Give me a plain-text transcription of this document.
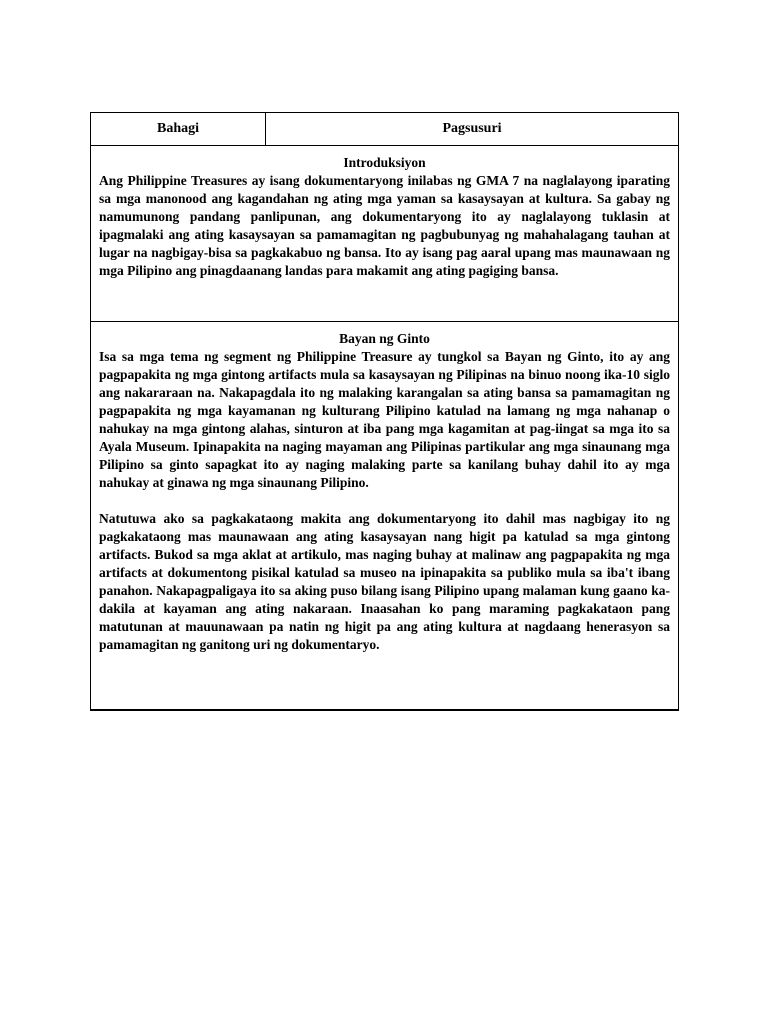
Bahagi	Pagsusuri

Introduksiyon

Ang Philippine Treasures ay isang dokumentaryong inilabas ng GMA 7 na naglalayong iparating sa mga manonood ang kagandahan ng ating mga yaman sa kasaysayan at kultura. Sa gabay ng namumunong pandang panlipunan, ang dokumentaryong ito ay naglalayong tuklasin at ipagmalaki ang ating kasaysayan sa pamamagitan ng pagbubunyag ng mahahalagang tauhan at lugar na nagbigay-bisa sa pagkakabuo ng bansa. Ito ay isang pag aaral upang mas maunawaan ng mga Pilipino ang pinagdaanang landas para makamit ang ating pagiging bansa.

Bayan ng Ginto

Isa sa mga tema ng segment ng Philippine Treasure ay tungkol sa Bayan ng Ginto, ito ay ang pagpapakita ng mga gintong artifacts mula sa kasaysayan ng Pilipinas na binuo noong ika-10 siglo ang nakararaan na. Nakapagdala ito ng malaking karangalan sa ating bansa sa pamamagitan ng pagpapakita ng mga kayamanan ng kulturang Pilipino katulad na lamang ng mga nahanap o nahukay na mga gintong alahas, sinturon at iba pang mga kagamitan at pag-iingat sa mga ito sa Ayala Museum. Ipinapakita na naging mayaman ang Pilipinas partikular ang mga sinaunang mga Pilipino sa ginto sapagkat ito ay naging malaking parte sa kanilang buhay dahil ito ay mga nahukay at ginawa ng mga sinaunang Pilipino.

Natutuwa ako sa pagkakataong makita ang dokumentaryong ito dahil mas nagbigay ito ng pagkakataong mas maunawaan ang ating kasaysayan nang higit pa katulad sa mga gintong artifacts. Bukod sa mga aklat at artikulo, mas naging buhay at malinaw ang pagpapakita ng mga artifacts at dokumentong pisikal katulad sa museo na ipinapakita sa publiko mula sa iba't ibang panahon. Nakapagpaligaya ito sa aking puso bilang isang Pilipino upang malaman kung gaano ka-dakila at kayaman ang ating nakaraan. Inaasahan ko pang maraming pagkakataon pang matutunan at mauunawaan pa natin ng higit pa ang ating kultura at nagdaang henerasyon sa pamamagitan ng ganitong uri ng dokumentaryo.
